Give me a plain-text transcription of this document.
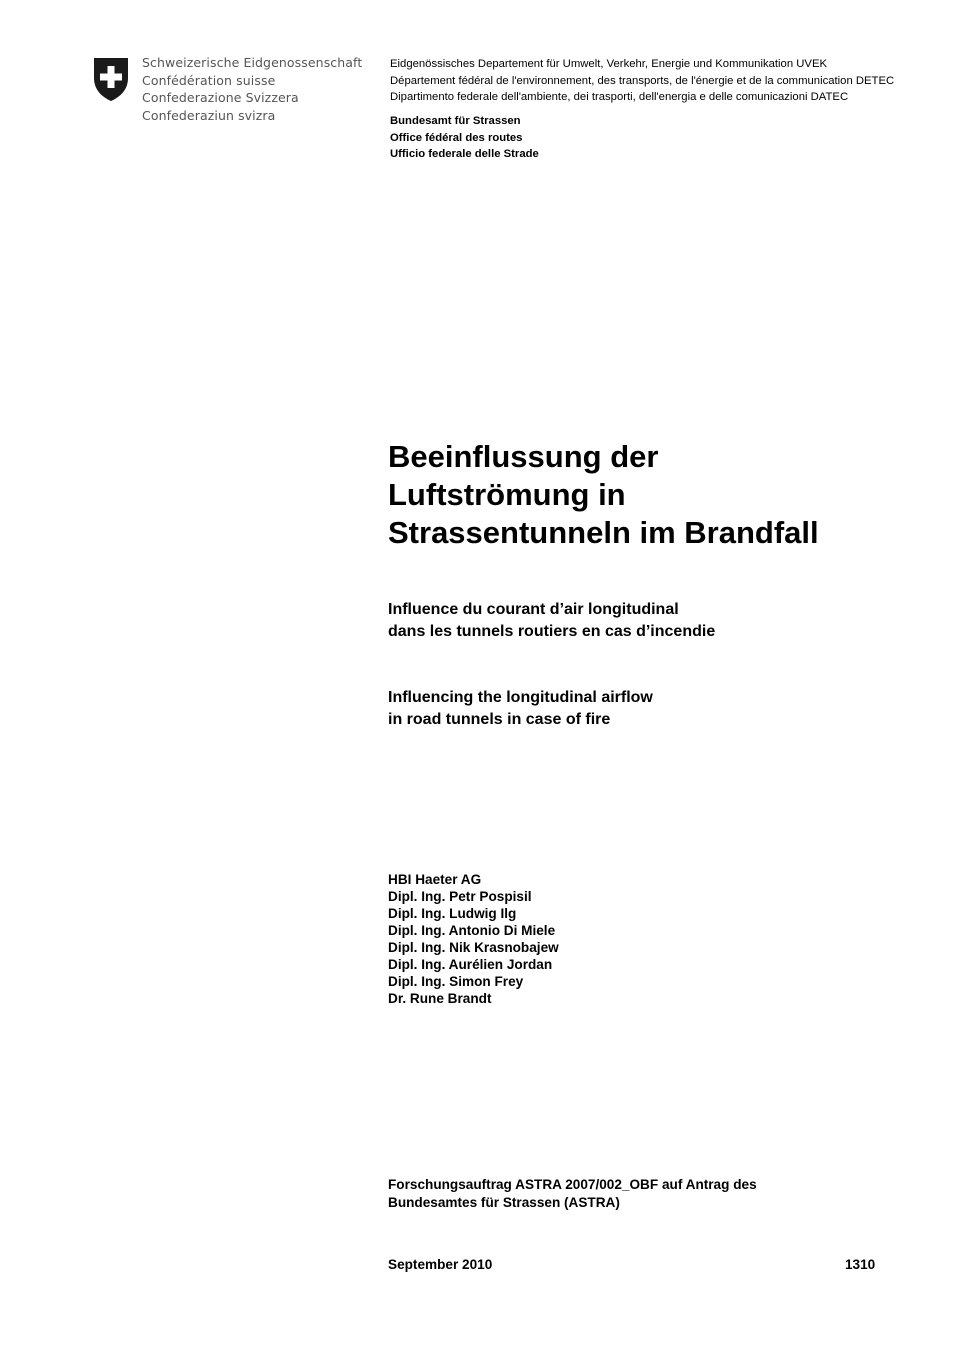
Schweizerische Eidgenossenschaft
Confédération suisse
Confederazione Svizzera
Confederaziun svizra
Eidgenössisches Departement für Umwelt, Verkehr, Energie und Kommunikation UVEK
Département fédéral de l'environnement, des transports, de l'énergie et de la communication DETEC
Dipartimento federale dell'ambiente, dei trasporti, dell'energia e delle comunicazioni DATEC
Bundesamt für Strassen
Office fédéral des routes
Ufficio federale delle Strade
Beeinflussung der
Luftströmung in
Strassentunneln im Brandfall
Influence du courant d’air longitudinal
dans les tunnels routiers en cas d’incendie
Influencing the longitudinal airflow
in road tunnels in case of fire
HBI Haeter AG
Dipl. Ing. Petr Pospisil
Dipl. Ing. Ludwig Ilg
Dipl. Ing. Antonio Di Miele
Dipl. Ing. Nik Krasnobajew
Dipl. Ing. Aurélien Jordan
Dipl. Ing. Simon Frey
Dr. Rune Brandt
Forschungsauftrag ASTRA 2007/002_OBF auf Antrag des
Bundesamtes für Strassen (ASTRA)
September 2010	1310
